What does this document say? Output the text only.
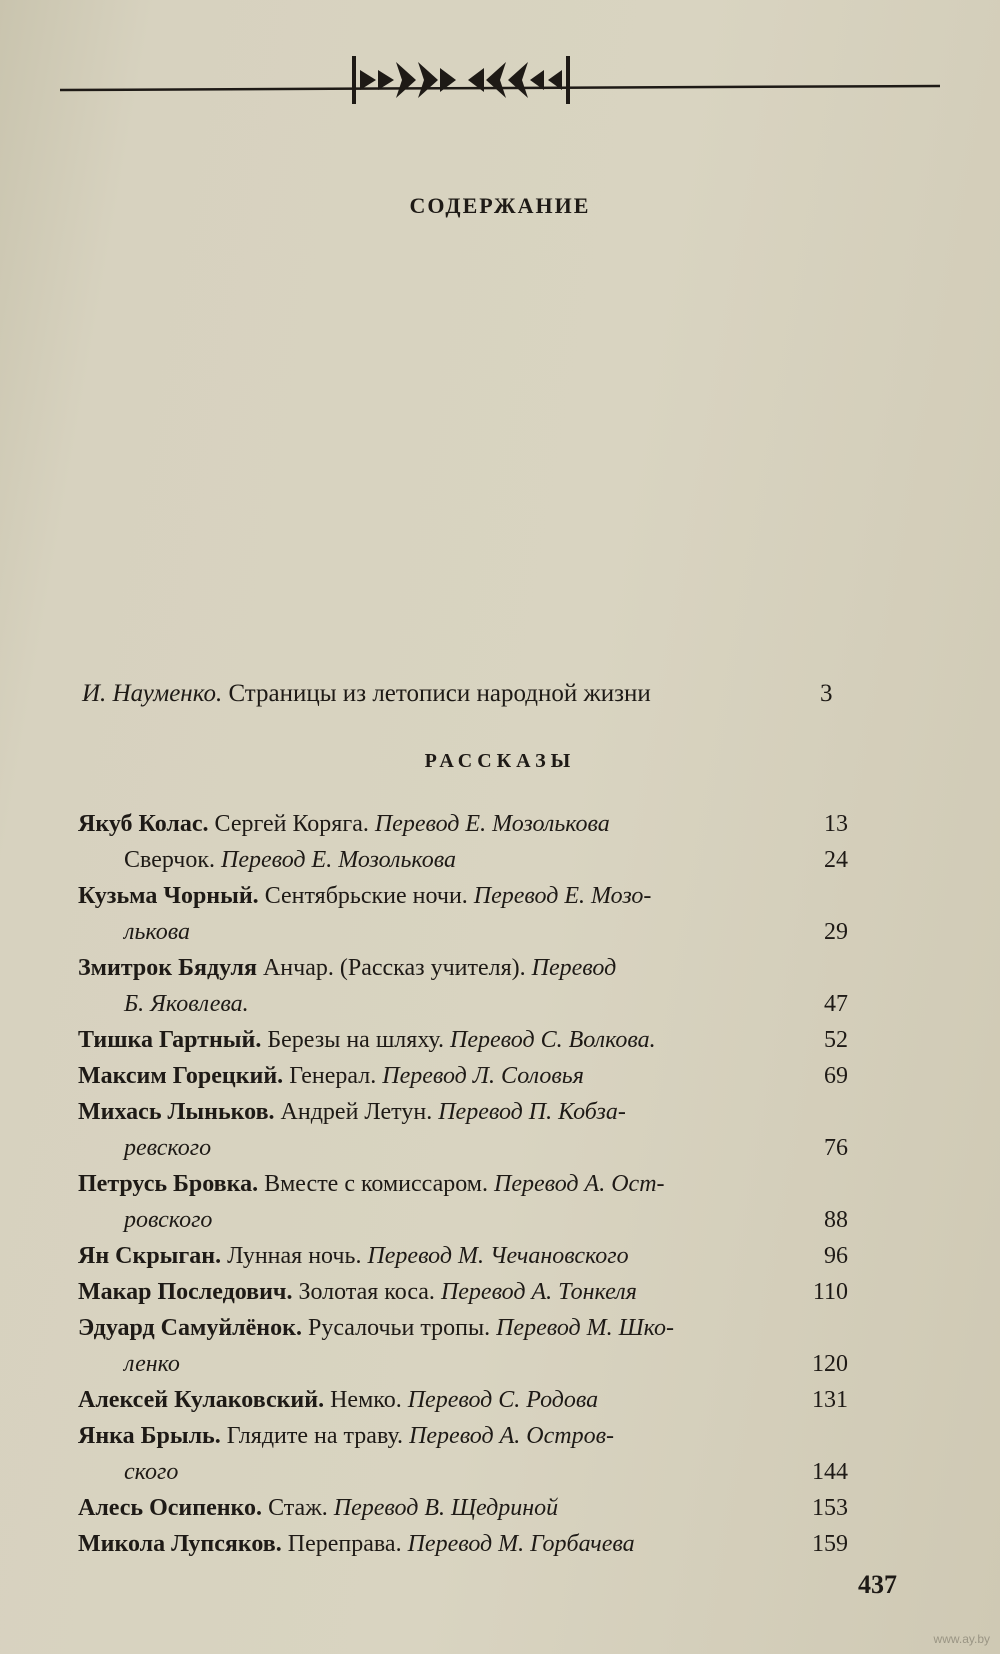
СОДЕРЖАНИЕ
И. Науменко. Страницы из летописи народной жизни	3
РАССКАЗЫ
Якуб Колас. Сергей Коряга. Перевод Е. Мозолькова	13
Сверчок. Перевод Е. Мозолькова	24
Кузьма Чорный. Сентябрьские ночи. Перевод Е. Мозо-
лькова	29
Змитрок Бядуля Анчар. (Рассказ учителя). Перевод
Б. Яковлева.	47
Тишка Гартный. Березы на шляху. Перевод С. Волкова.	52
Максим Горецкий. Генерал. Перевод Л. Соловья	69
Михась Лыньков. Андрей Летун. Перевод П. Кобза-
ревского	76
Петрусь Бровка. Вместе с комиссаром. Перевод А. Ост-
ровского	88
Ян Скрыган. Лунная ночь. Перевод М. Чечановского	96
Макар Последович. Золотая коса. Перевод А. Тонкеля	110
Эдуард Самуйлёнок. Русалочьи тропы. Перевод М. Шко-
ленко	120
Алексей Кулаковский. Немко. Перевод С. Родова	131
Янка Брыль. Глядите на траву. Перевод А. Остров-
ского	144
Алесь Осипенко. Стаж. Перевод В. Щедриной	153
Микола Лупсяков. Переправа. Перевод М. Горбачева	159
437
www.ay.by
